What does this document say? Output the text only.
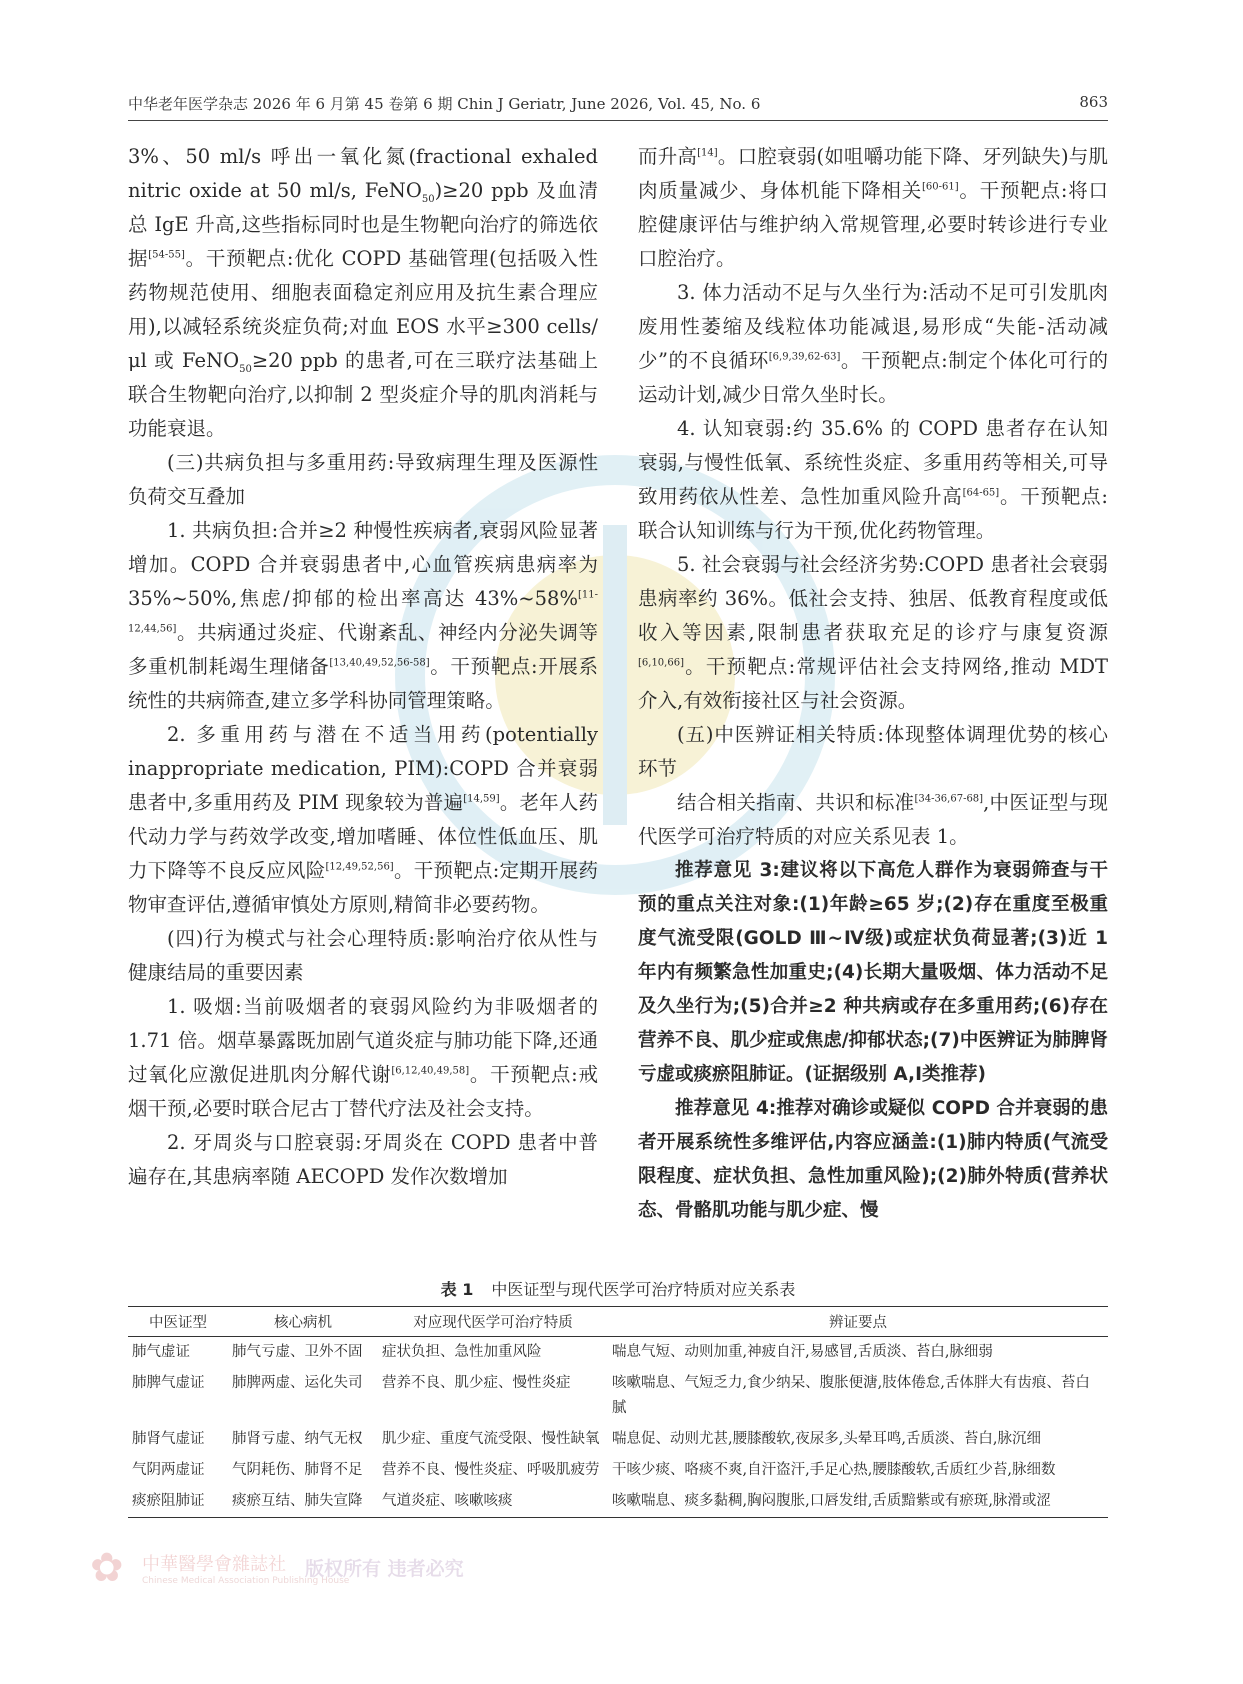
中华老年医学杂志 2026 年 6 月第 45 卷第 6 期 Chin J Geriatr, June 2026, Vol. 45, No. 6	863

3%、50 ml/s 呼出一氧化氮(fractional exhaled nitric oxide at 50 ml/s, FeNO$_{50}$)≥20 ppb 及血清总 IgE 升高,这些指标同时也是生物靶向治疗的筛选依据[54-55]。干预靶点:优化 COPD 基础管理(包括吸入性药物规范使用、细胞表面稳定剂应用及抗生素合理应用),以减轻系统炎症负荷;对血 EOS 水平≥300 cells/μl 或 FeNO$_{50}$≥20 ppb 的患者,可在三联疗法基础上联合生物靶向治疗,以抑制 2 型炎症介导的肌肉消耗与功能衰退。

(三)共病负担与多重用药:导致病理生理及医源性负荷交互叠加

1. 共病负担:合并≥2 种慢性疾病者,衰弱风险显著增加。COPD 合并衰弱患者中,心血管疾病患病率为 35%~50%,焦虑/抑郁的检出率高达 43%~58%[11-12,44,56]。共病通过炎症、代谢紊乱、神经内分泌失调等多重机制耗竭生理储备[13,40,49,52,56-58]。干预靶点:开展系统性的共病筛查,建立多学科协同管理策略。

2. 多重用药与潜在不适当用药(potentially inappropriate medication, PIM):COPD 合并衰弱患者中,多重用药及 PIM 现象较为普遍[14,59]。老年人药代动力学与药效学改变,增加嗜睡、体位性低血压、肌力下降等不良反应风险[12,49,52,56]。干预靶点:定期开展药物审查评估,遵循审慎处方原则,精简非必要药物。

(四)行为模式与社会心理特质:影响治疗依从性与健康结局的重要因素

1. 吸烟:当前吸烟者的衰弱风险约为非吸烟者的 1.71 倍。烟草暴露既加剧气道炎症与肺功能下降,还通过氧化应激促进肌肉分解代谢[6,12,40,49,58]。干预靶点:戒烟干预,必要时联合尼古丁替代疗法及社会支持。

2. 牙周炎与口腔衰弱:牙周炎在 COPD 患者中普遍存在,其患病率随 AECOPD 发作次数增加

而升高[14]。口腔衰弱(如咀嚼功能下降、牙列缺失)与肌肉质量减少、身体机能下降相关[60-61]。干预靶点:将口腔健康评估与维护纳入常规管理,必要时转诊进行专业口腔治疗。

3. 体力活动不足与久坐行为:活动不足可引发肌肉废用性萎缩及线粒体功能减退,易形成“失能-活动减少”的不良循环[6,9,39,62-63]。干预靶点:制定个体化可行的运动计划,减少日常久坐时长。

4. 认知衰弱:约 35.6% 的 COPD 患者存在认知衰弱,与慢性低氧、系统性炎症、多重用药等相关,可导致用药依从性差、急性加重风险升高[64-65]。干预靶点:联合认知训练与行为干预,优化药物管理。

5. 社会衰弱与社会经济劣势:COPD 患者社会衰弱患病率约 36%。低社会支持、独居、低教育程度或低收入等因素,限制患者获取充足的诊疗与康复资源[6,10,66]。干预靶点:常规评估社会支持网络,推动 MDT 介入,有效衔接社区与社会资源。

(五)中医辨证相关特质:体现整体调理优势的核心环节

结合相关指南、共识和标准[34-36,67-68],中医证型与现代医学可治疗特质的对应关系见表 1。

推荐意见 3:建议将以下高危人群作为衰弱筛查与干预的重点关注对象:(1)年龄≥65 岁;(2)存在重度至极重度气流受限(GOLD Ⅲ~Ⅳ级)或症状负荷显著;(3)近 1 年内有频繁急性加重史;(4)长期大量吸烟、体力活动不足及久坐行为;(5)合并≥2 种共病或存在多重用药;(6)存在营养不良、肌少症或焦虑/抑郁状态;(7)中医辨证为肺脾肾亏虚或痰瘀阻肺证。(证据级别 A,Ⅰ类推荐)

推荐意见 4:推荐对确诊或疑似 COPD 合并衰弱的患者开展系统性多维评估,内容应涵盖:(1)肺内特质(气流受限程度、症状负担、急性加重风险);(2)肺外特质(营养状态、骨骼肌功能与肌少症、慢

表 1 中医证型与现代医学可治疗特质对应关系表
中医证型	核心病机	对应现代医学可治疗特质	辨证要点
肺气虚证	肺气亏虚、卫外不固	症状负担、急性加重风险	喘息气短、动则加重,神疲自汗,易感冒,舌质淡、苔白,脉细弱
肺脾气虚证	肺脾两虚、运化失司	营养不良、肌少症、慢性炎症	咳嗽喘息、气短乏力,食少纳呆、腹胀便溏,肢体倦怠,舌体胖大有齿痕、苔白腻
肺肾气虚证	肺肾亏虚、纳气无权	肌少症、重度气流受限、慢性缺氧	喘息促、动则尤甚,腰膝酸软,夜尿多,头晕耳鸣,舌质淡、苔白,脉沉细
气阴两虚证	气阴耗伤、肺肾不足	营养不良、慢性炎症、呼吸肌疲劳	干咳少痰、咯痰不爽,自汗盗汗,手足心热,腰膝酸软,舌质红少苔,脉细数
痰瘀阻肺证	痰瘀互结、肺失宣降	气道炎症、咳嗽咳痰	咳嗽喘息、痰多黏稠,胸闷腹胀,口唇发绀,舌质黯紫或有瘀斑,脉滑或涩
✿	中華醫學會雜誌社
Chinese Medical Association Publishing House
版权所有 违者必究
